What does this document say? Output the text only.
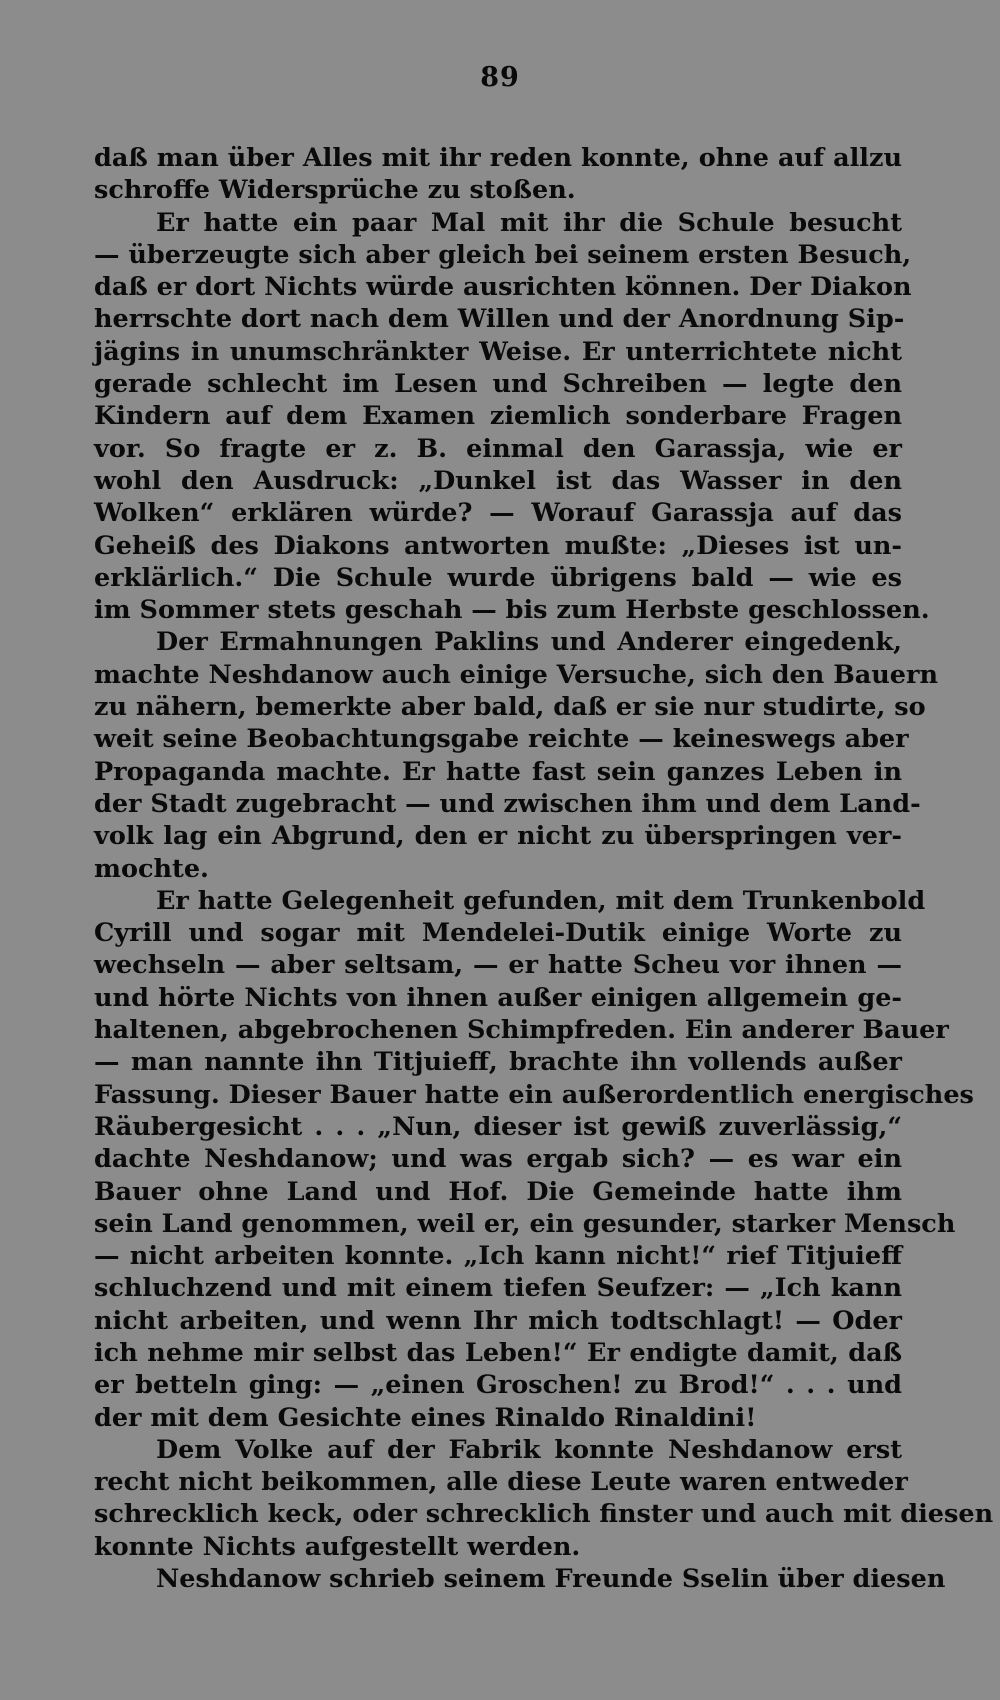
89
daß man über Alles mit ihr reden konnte, ohne auf allzu
schroffe Widersprüche zu stoßen.
Er hatte ein paar Mal mit ihr die Schule besucht
— überzeugte sich aber gleich bei seinem ersten Besuch,
daß er dort Nichts würde ausrichten können. Der Diakon
herrschte dort nach dem Willen und der Anordnung Sip-
jägins in unumschränkter Weise. Er unterrichtete nicht
gerade schlecht im Lesen und Schreiben — legte den
Kindern auf dem Examen ziemlich sonderbare Fragen
vor. So fragte er z. B. einmal den Garassja, wie er
wohl den Ausdruck: „Dunkel ist das Wasser in den
Wolken“ erklären würde? — Worauf Garassja auf das
Geheiß des Diakons antworten mußte: „Dieses ist un-
erklärlich.“ Die Schule wurde übrigens bald — wie es
im Sommer stets geschah — bis zum Herbste geschlossen.
Der Ermahnungen Paklins und Anderer eingedenk,
machte Neshdanow auch einige Versuche, sich den Bauern
zu nähern, bemerkte aber bald, daß er sie nur studirte, so
weit seine Beobachtungsgabe reichte — keineswegs aber
Propaganda machte. Er hatte fast sein ganzes Leben in
der Stadt zugebracht — und zwischen ihm und dem Land-
volk lag ein Abgrund, den er nicht zu überspringen ver-
mochte.
Er hatte Gelegenheit gefunden, mit dem Trunkenbold
Cyrill und sogar mit Mendelei-Dutik einige Worte zu
wechseln — aber seltsam, — er hatte Scheu vor ihnen —
und hörte Nichts von ihnen außer einigen allgemein ge-
haltenen, abgebrochenen Schimpfreden. Ein anderer Bauer
— man nannte ihn Titjuieff, brachte ihn vollends außer
Fassung. Dieser Bauer hatte ein außerordentlich energisches
Räubergesicht . . . „Nun, dieser ist gewiß zuverlässig,“
dachte Neshdanow; und was ergab sich? — es war ein
Bauer ohne Land und Hof. Die Gemeinde hatte ihm
sein Land genommen, weil er, ein gesunder, starker Mensch
— nicht arbeiten konnte. „Ich kann nicht!“ rief Titjuieff
schluchzend und mit einem tiefen Seufzer: — „Ich kann
nicht arbeiten, und wenn Ihr mich todtschlagt! — Oder
ich nehme mir selbst das Leben!“ Er endigte damit, daß
er betteln ging: — „einen Groschen! zu Brod!“ . . . und
der mit dem Gesichte eines Rinaldo Rinaldini!
Dem Volke auf der Fabrik konnte Neshdanow erst
recht nicht beikommen, alle diese Leute waren entweder
schrecklich keck, oder schrecklich finster und auch mit diesen
konnte Nichts aufgestellt werden.
Neshdanow schrieb seinem Freunde Sselin über diesen
